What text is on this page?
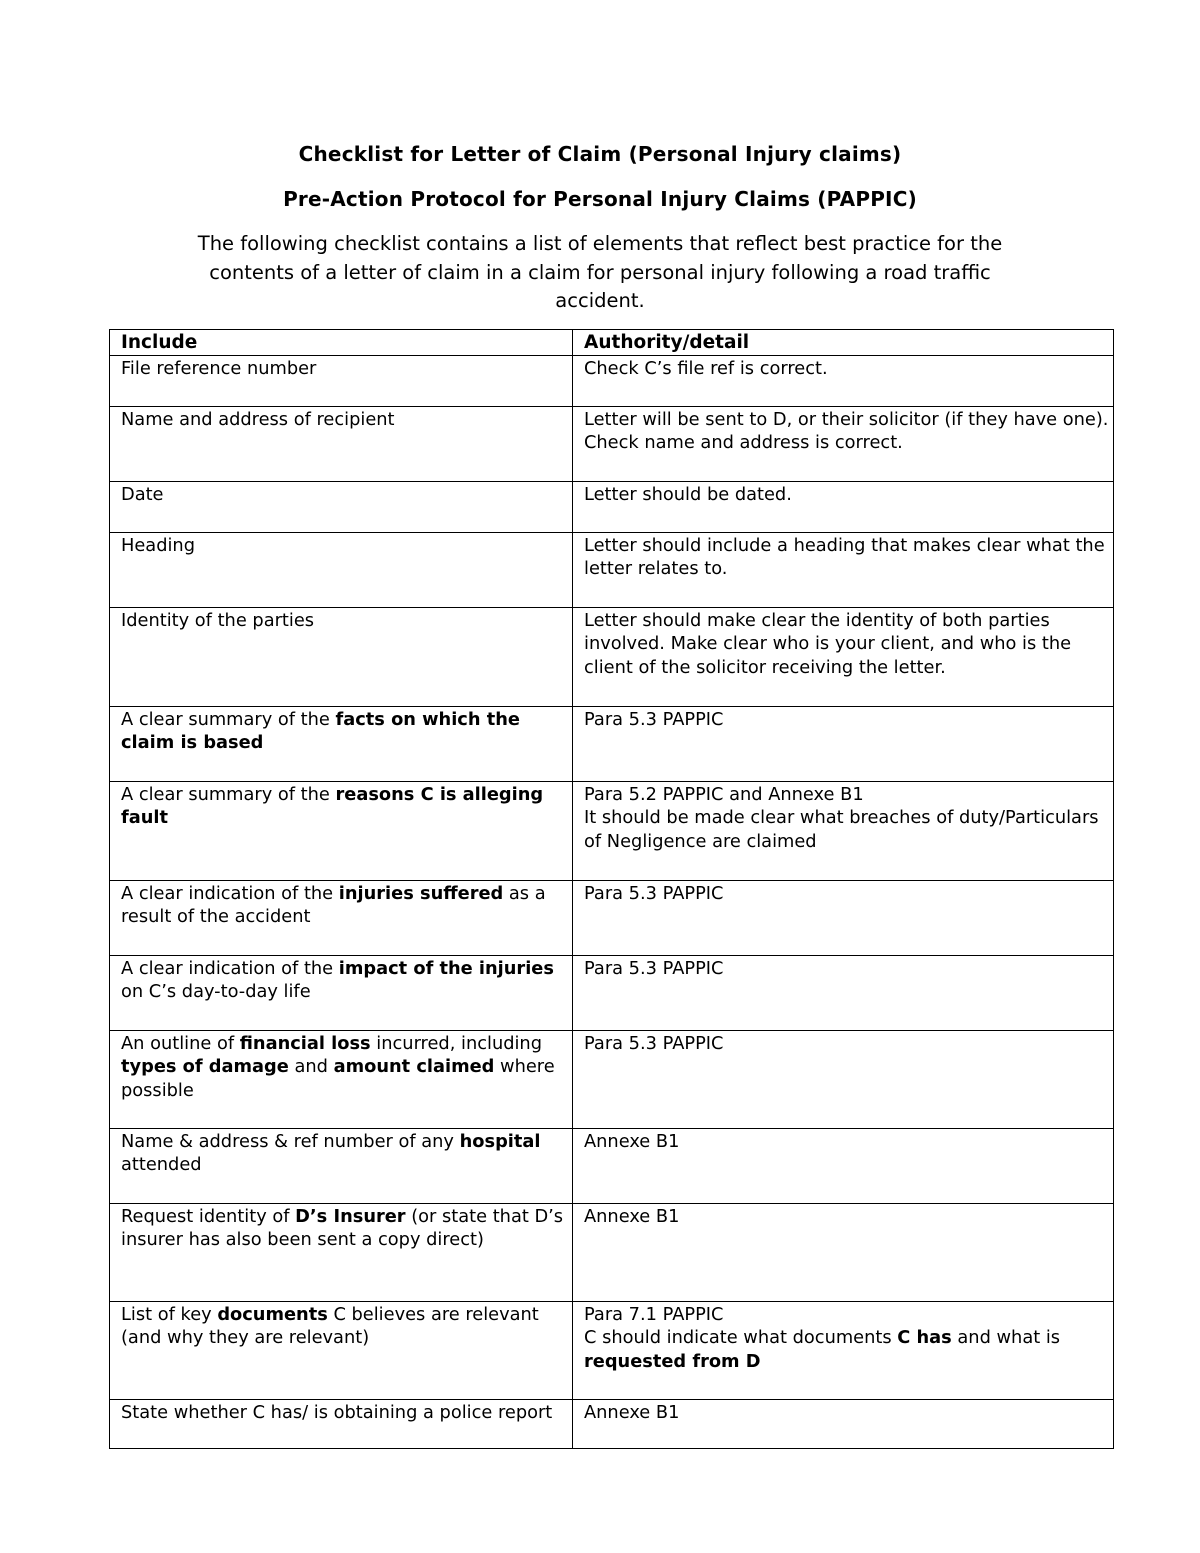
Checklist for Letter of Claim (Personal Injury claims)
Pre-Action Protocol for Personal Injury Claims (PAPPIC)
The following checklist contains a list of elements that reflect best practice for the
contents of a letter of claim in a claim for personal injury following a road traffic
accident.
Include	Authority/detail
File reference number	Check C’s file ref is correct.

Name and address of recipient	Letter will be sent to D, or their solicitor (if they have one). Check name and address is correct.

Date	Letter should be dated.

Heading	Letter should include a heading that makes clear what the letter relates to.

Identity of the parties	Letter should make clear the identity of both parties involved. Make clear who is your client, and who is the client of the solicitor receiving the letter.

A clear summary of the facts on which the claim is based	Para 5.3 PAPPIC

A clear summary of the reasons C is alleging fault	Para 5.2 PAPPIC and Annexe B1
It should be made clear what breaches of duty/Particulars of Negligence are claimed

A clear indication of the injuries suffered as a result of the accident	Para 5.3 PAPPIC

A clear indication of the impact of the injuries on C’s day-to-day life	Para 5.3 PAPPIC

An outline of financial loss incurred, including types of damage and amount claimed where possible	Para 5.3 PAPPIC

Name & address & ref number of any hospital attended	Annexe B1

Request identity of D’s Insurer (or state that D’s insurer has also been sent a copy direct)	Annexe B1

List of key documents C believes are relevant (and why they are relevant)	Para 7.1 PAPPIC
C should indicate what documents C has and what is requested from D

State whether C has/ is obtaining a police report	Annexe B1
